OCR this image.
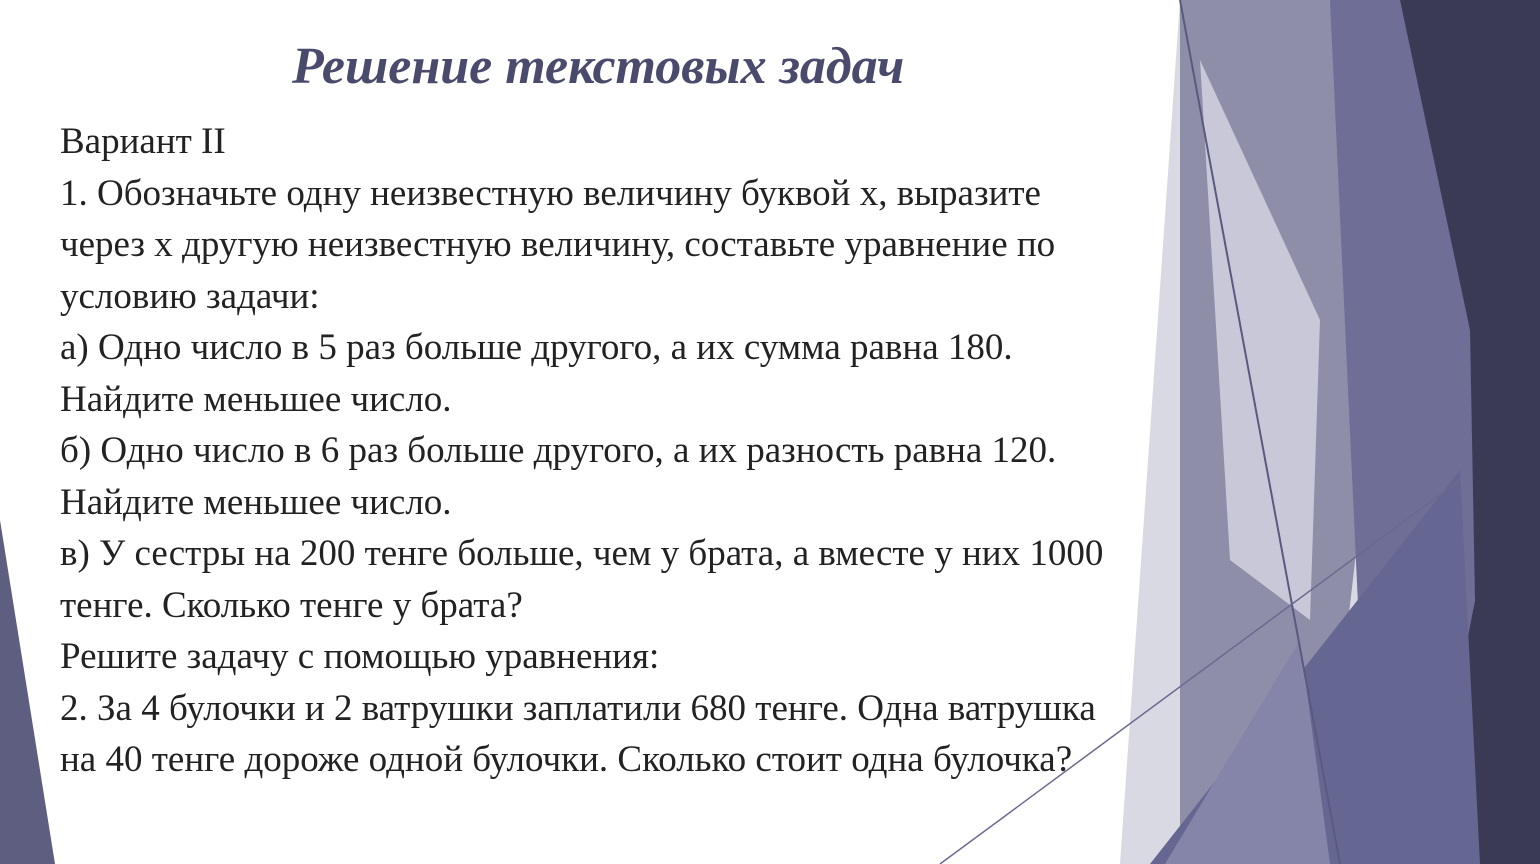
Решение текстовых задач
Вариант II
1. Обозначьте одну неизвестную величину буквой х, выразите
через х другую неизвестную величину, составьте уравнение по
условию задачи:
а) Одно число в 5 раз больше другого, а их сумма равна 180.
Найдите меньшее число.
б) Одно число в 6 раз больше другого, а их разность равна 120.
Найдите меньшее число.
в) У сестры на 200 тенге больше, чем у брата, а вместе у них 1000
тенге. Сколько тенге у брата?
Решите задачу с помощью уравнения:
2. За 4 булочки и 2 ватрушки заплатили 680 тенге. Одна ватрушка
на 40 тенге дороже одной булочки. Сколько стоит одна булочка?
